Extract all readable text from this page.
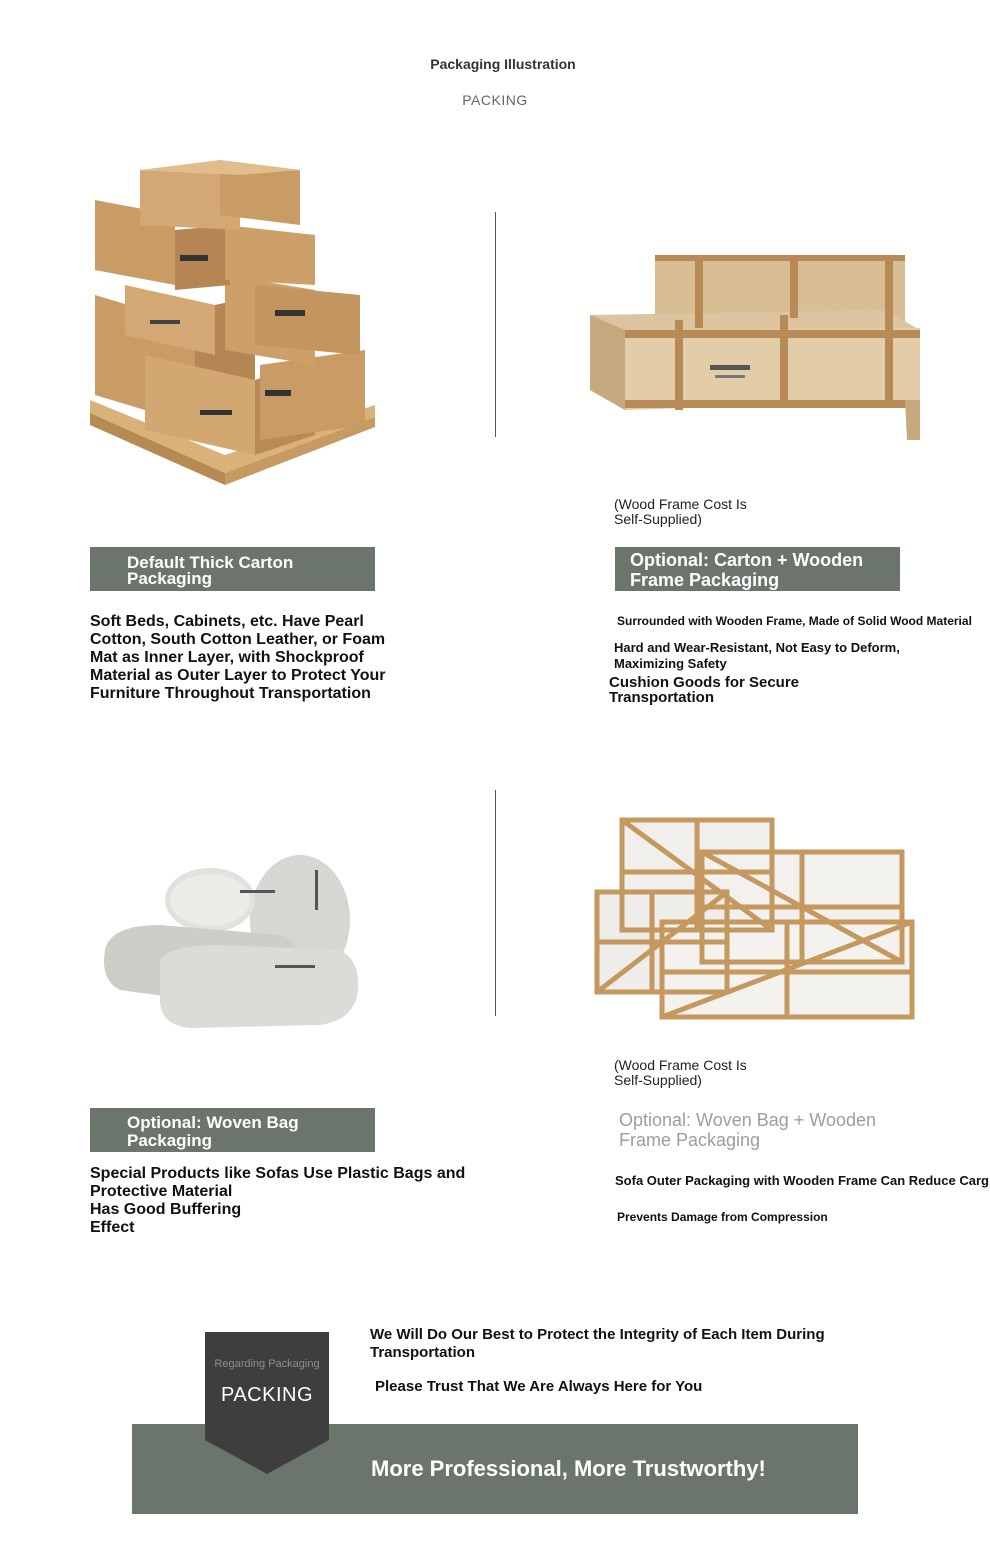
Packaging Illustration
PACKING
(Wood Frame Cost Is
Self-Supplied)
Default Thick Carton Packaging
Optional: Carton + Wooden Frame Packaging
Soft Beds, Cabinets, etc. Have Pearl Cotton, South Cotton Leather, or Foam Mat as Inner Layer, with Shockproof Material as Outer Layer to Protect Your Furniture Throughout Transportation
Surrounded with Wooden Frame, Made of Solid Wood Material
Hard and Wear-Resistant, Not Easy to Deform, Maximizing Safety
Cushion Goods for Secure Transportation
(Wood Frame Cost Is
Self-Supplied)
Optional: Woven Bag Packaging
Optional: Woven Bag + Wooden Frame Packaging
Special Products like Sofas Use Plastic Bags and Protective Material
Has Good Buffering
Effect
Sofa Outer Packaging with Wooden Frame Can Reduce Carg
Prevents Damage from Compression
We Will Do Our Best to Protect the Integrity of Each Item During Transportation
Please Trust That We Are Always Here for You
More Professional, More Trustworthy!
Regarding Packaging
PACKING
